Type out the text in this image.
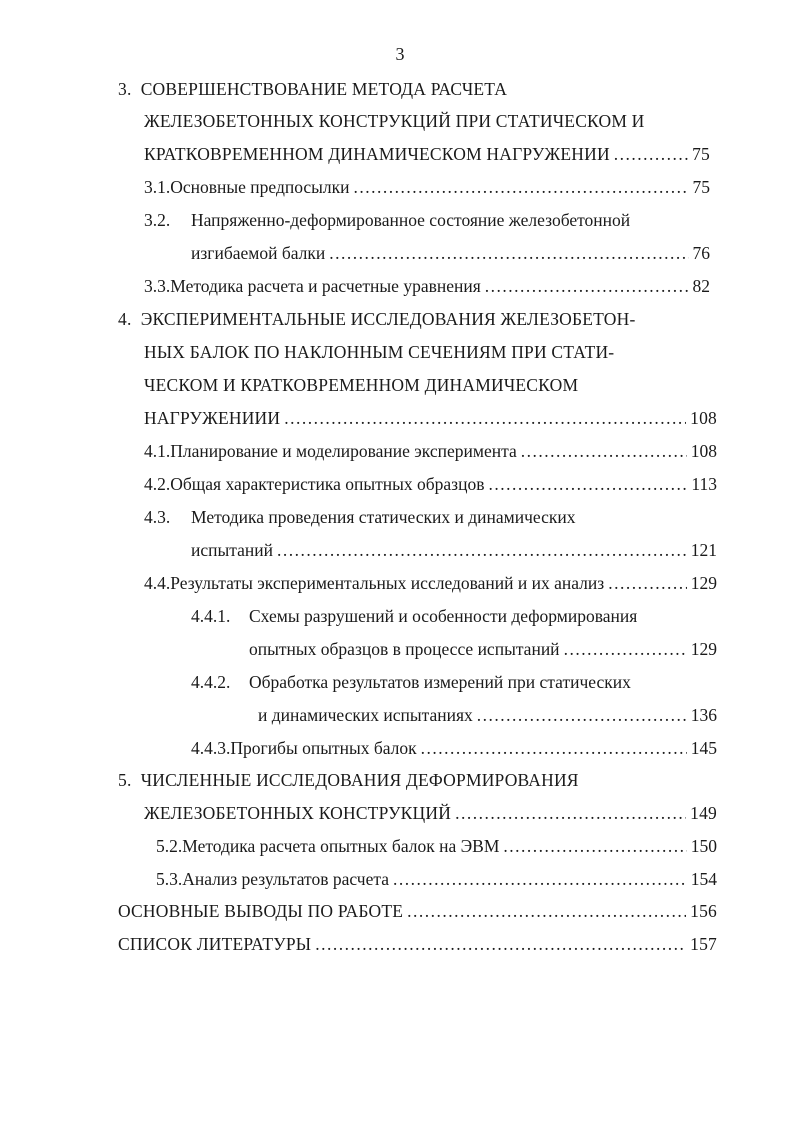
3
3. СОВЕРШЕНСТВОВАНИЕ МЕТОДА РАСЧЕТА
ЖЕЛЕЗОБЕТОННЫХ КОНСТРУКЦИЙ ПРИ СТАТИЧЕСКОМ И
КРАТКОВРЕМЕННОМ ДИНАМИЧЕСКОМ НАГРУЖЕНИИ .....	75
3.1. Основные предпосылки .....	75
3.2. Напряженно-деформированное состояние железобетонной
изгибаемой балки .....	76
3.3. Методика расчета и расчетные уравнения .....	82
4. ЭКСПЕРИМЕНТАЛЬНЫЕ ИССЛЕДОВАНИЯ ЖЕЛЕЗОБЕТОН-
НЫХ БАЛОК ПО НАКЛОННЫМ СЕЧЕНИЯМ ПРИ СТАТИ-
ЧЕСКОМ И КРАТКОВРЕМЕННОМ ДИНАМИЧЕСКОМ
НАГРУЖЕНИИИ .....	108
4.1. Планирование и моделирование эксперимента .....	108
4.2. Общая характеристика опытных образцов .....	113
4.3. Методика проведения статических и динамических
испытаний .....	121
4.4. Результаты экспериментальных исследований и их анализ .....	129
4.4.1. Схемы разрушений и особенности деформирования
опытных образцов в процессе испытаний .....	129
4.4.2. Обработка результатов измерений при статических
и динамических испытаниях .....	136
4.4.3. Прогибы опытных балок .....	145
5. ЧИСЛЕННЫЕ ИССЛЕДОВАНИЯ ДЕФОРМИРОВАНИЯ
ЖЕЛЕЗОБЕТОННЫХ КОНСТРУКЦИЙ .....	149
5.2. Методика расчета опытных балок на ЭВМ .....	150
5.3. Анализ результатов расчета .....	154
ОСНОВНЫЕ ВЫВОДЫ ПО РАБОТЕ .....	156
СПИСОК ЛИТЕРАТУРЫ .....	157
